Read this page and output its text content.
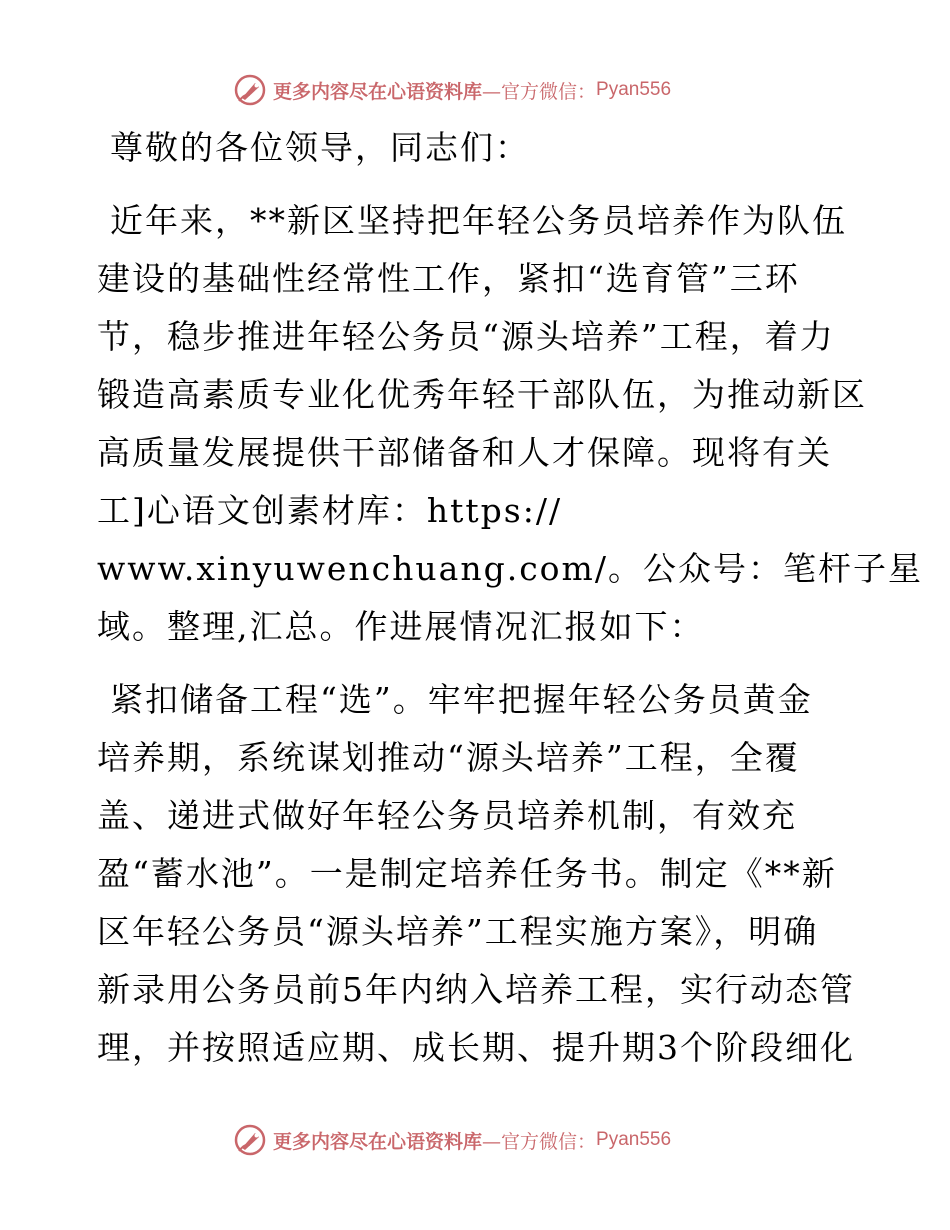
更多内容尽在心语资料库 —官方微信： Pyan556
尊敬的各位领导，同志们：
近年来，**新区坚持把年轻公务员培养作为队伍
建设的基础性经常性工作，紧扣“选育管”三环
节，稳步推进年轻公务员“源头培养”工程，着力
锻造高素质专业化优秀年轻干部队伍，为推动新区
高质量发展提供干部储备和人才保障。现将有关
工]心语文创素材库：https://
www.xinyuwenchuang.com/。公众号：笔杆子星
域。整理,汇总。作进展情况汇报如下：
紧扣储备工程“选”。牢牢把握年轻公务员黄金
培养期，系统谋划推动“源头培养”工程，全覆
盖、递进式做好年轻公务员培养机制，有效充
盈“蓄水池”。一是制定培养任务书。制定《**新
区年轻公务员“源头培养”工程实施方案》，明确
新录用公务员前5年内纳入培养工程，实行动态管
理，并按照适应期、成长期、提升期3个阶段细化
更多内容尽在心语资料库 —官方微信： Pyan556
